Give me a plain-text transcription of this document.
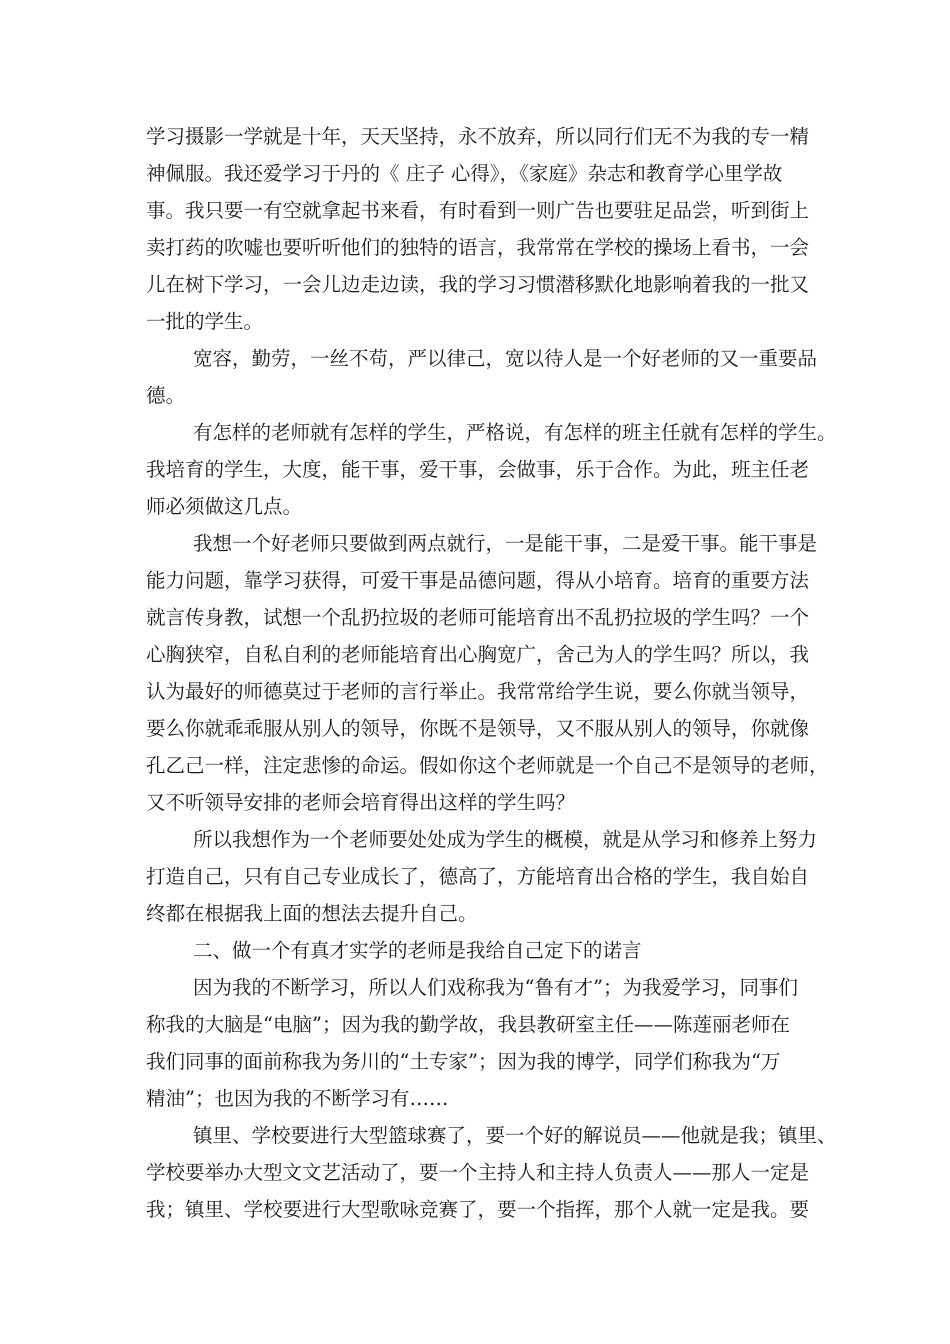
学习摄影一学就是十年，天天坚持，永不放弃，所以同行们无不为我的专一精

神佩服。我还爱学习于丹的《 庄子 心得》，《家庭》杂志和教育学心里学故

事。我只要一有空就拿起书来看，有时看到一则广告也要驻足品尝，听到街上

卖打药的吹嘘也要听听他们的独特的语言，我常常在学校的操场上看书，一会

儿在树下学习，一会儿边走边读，我的学习习惯潜移默化地影响着我的一批又

一批的学生。

宽容，勤劳，一丝不苟，严以律己，宽以待人是一个好老师的又一重要品

德。

有怎样的老师就有怎样的学生，严格说，有怎样的班主任就有怎样的学生。

我培育的学生，大度，能干事，爱干事，会做事，乐于合作。为此，班主任老

师必须做这几点。

我想一个好老师只要做到两点就行，一是能干事，二是爱干事。能干事是

能力问题，靠学习获得，可爱干事是品德问题，得从小培育。培育的重要方法

就言传身教，试想一个乱扔拉圾的老师可能培育出不乱扔拉圾的学生吗？一个

心胸狭窄，自私自利的老师能培育出心胸宽广，舍己为人的学生吗？所以，我

认为最好的师德莫过于老师的言行举止。我常常给学生说，要么你就当领导，

要么你就乖乖服从别人的领导，你既不是领导，又不服从别人的领导，你就像

孔乙己一样，注定悲惨的命运。假如你这个老师就是一个自己不是领导的老师，

又不听领导安排的老师会培育得出这样的学生吗？

所以我想作为一个老师要处处成为学生的概模，就是从学习和修养上努力

打造自己，只有自己专业成长了，德高了，方能培育出合格的学生，我自始自

终都在根据我上面的想法去提升自己。

二、做一个有真才实学的老师是我给自己定下的诺言

因为我的不断学习，所以人们戏称我为“鲁有才”；为我爱学习，同事们

称我的大脑是“电脑”；因为我的勤学故，我县教研室主任——陈莲丽老师在

我们同事的面前称我为务川的“土专家”；因为我的博学，同学们称我为“万

精油”；也因为我的不断学习有……

镇里、学校要进行大型篮球赛了，要一个好的解说员——他就是我；镇里、

学校要举办大型文文艺活动了，要一个主持人和主持人负责人——那人一定是

我；镇里、学校要进行大型歌咏竞赛了，要一个指挥，那个人就一定是我。要
